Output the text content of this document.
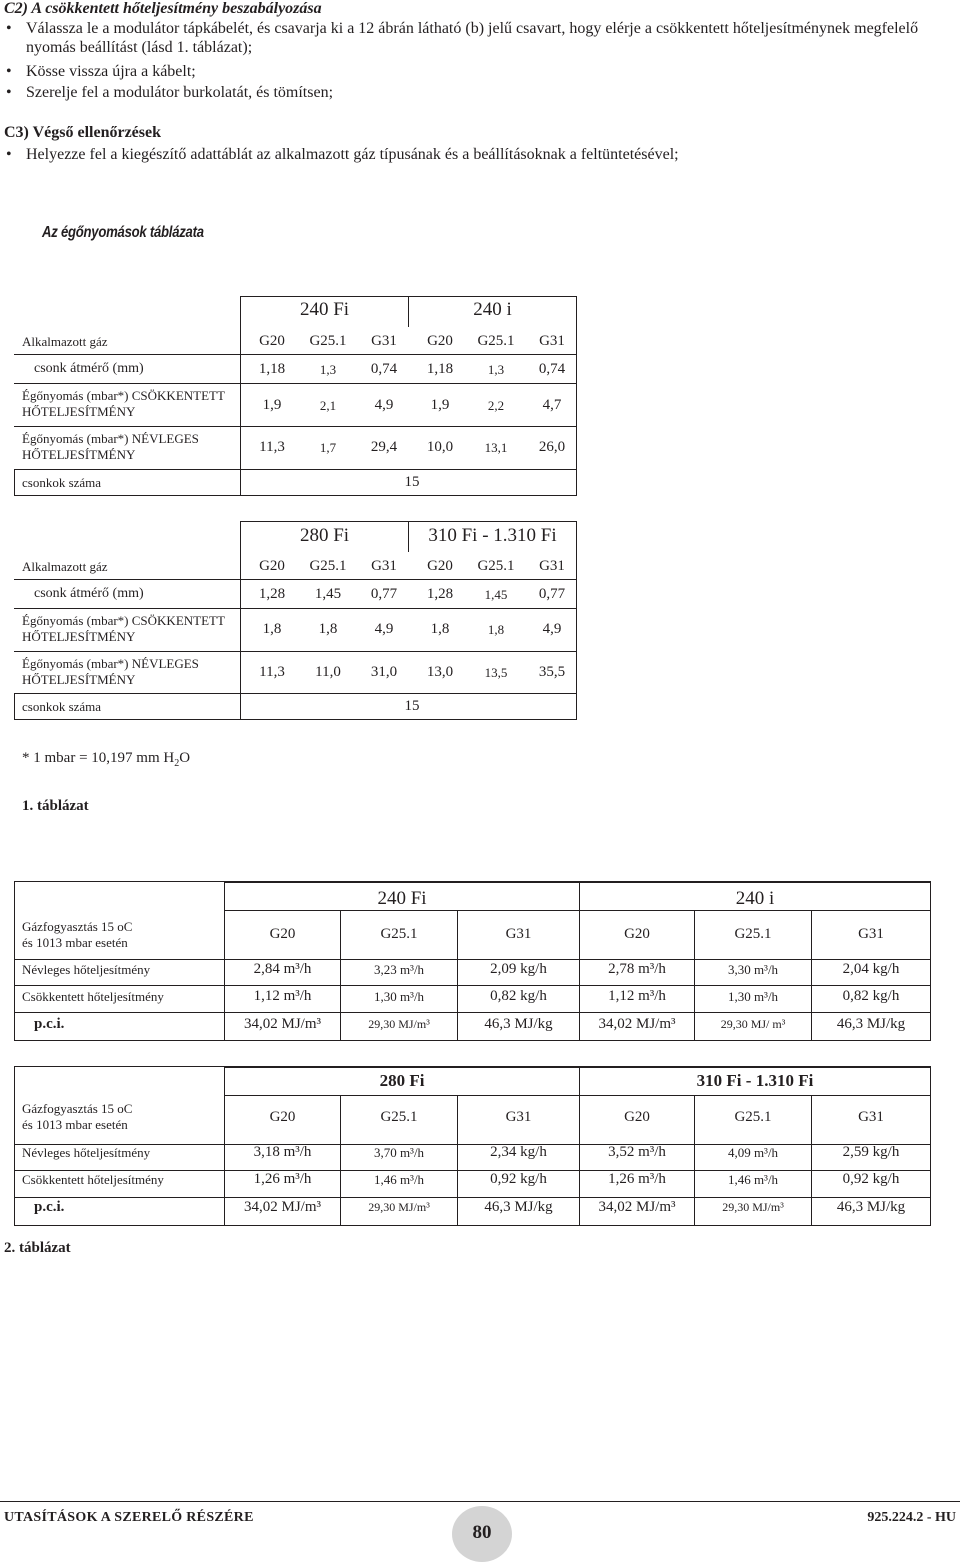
C2) A csökkentett hőteljesítmény beszabályozása
• Válassza le a modulátor tápkábelét, és csavarja ki a 12 ábrán látható (b) jelű csavart, hogy elérje a csökkentett hőteljesítménynek megfelelő nyomás beállítást (lásd 1. táblázat);
• Kösse vissza újra a kábelt;
• Szerelje fel a modulátor burkolatát, és tömítsen;
C3) Végső ellenőrzések
• Helyezze fel a kiegészítő adattáblát az alkalmazott gáz típusának és a beállításoknak a feltüntetésével;
Az égőnyomások táblázata
240 Fi	240 i
Alkalmazott gáz	G20	G25.1	G31	G20	G25.1	G31
csonk átmérő (mm)	1,18	1,3	0,74	1,18	1,3	0,74
Égőnyomás (mbar*) CSÖKKENTETT HŐTELJESÍTMÉNY	1,9	2,1	4,9	1,9	2,2	4,7
Égőnyomás (mbar*) NÉVLEGES HŐTELJESÍTMÉNY	11,3	1,7	29,4	10,0	13,1	26,0
csonkok száma	15
280 Fi	310 Fi - 1.310 Fi
Alkalmazott gáz	G20	G25.1	G31	G20	G25.1	G31
csonk átmérő (mm)	1,28	1,45	0,77	1,28	1,45	0,77
Égőnyomás (mbar*) CSÖKKENTETT HŐTELJESÍTMÉNY	1,8	1,8	4,9	1,8	1,8	4,9
Égőnyomás (mbar*) NÉVLEGES HŐTELJESÍTMÉNY	11,3	11,0	31,0	13,0	13,5	35,5
csonkok száma	15
* 1 mbar = 10,197 mm $H_2O$
1. táblázat
240 Fi	240 i
Gázfogyasztás 15 oC
és 1013 mbar esetén
G20	G25.1	G31	G20	G25.1	G31
Névleges hőteljesítmény	2,84 m³/h	3,23 m³/h	2,09 kg/h	2,78 m³/h	3,30 m³/h	2,04 kg/h
Csökkentett hőteljesítmény	1,12 m³/h	1,30 m³/h	0,82 kg/h	1,12 m³/h	1,30 m³/h	0,82 kg/h
p.c.i.	34,02 MJ/m³	29,30 MJ/m³	46,3 MJ/kg	34,02 MJ/m³	29,30 MJ/ m³	46,3 MJ/kg
280 Fi	310 Fi - 1.310 Fi
Gázfogyasztás 15 oC
és 1013 mbar esetén	G20	G25.1	G31	G20	G25.1	G31
Névleges hőteljesítmény	3,18 m³/h	3,70 m³/h	2,34 kg/h	3,52 m³/h	4,09 m³/h	2,59 kg/h
Csökkentett hőteljesítmény	1,26 m³/h	1,46 m³/h	0,92 kg/h	1,26 m³/h	1,46 m³/h	0,92 kg/h
p.c.i.	34,02 MJ/m³	29,30 MJ/m³	46,3 MJ/kg	34,02 MJ/m³	29,30 MJ/m³	46,3 MJ/kg
2. táblázat
UTASÍTÁSOK A SZERELŐ RÉSZÉRE
80
925.224.2 - HU
